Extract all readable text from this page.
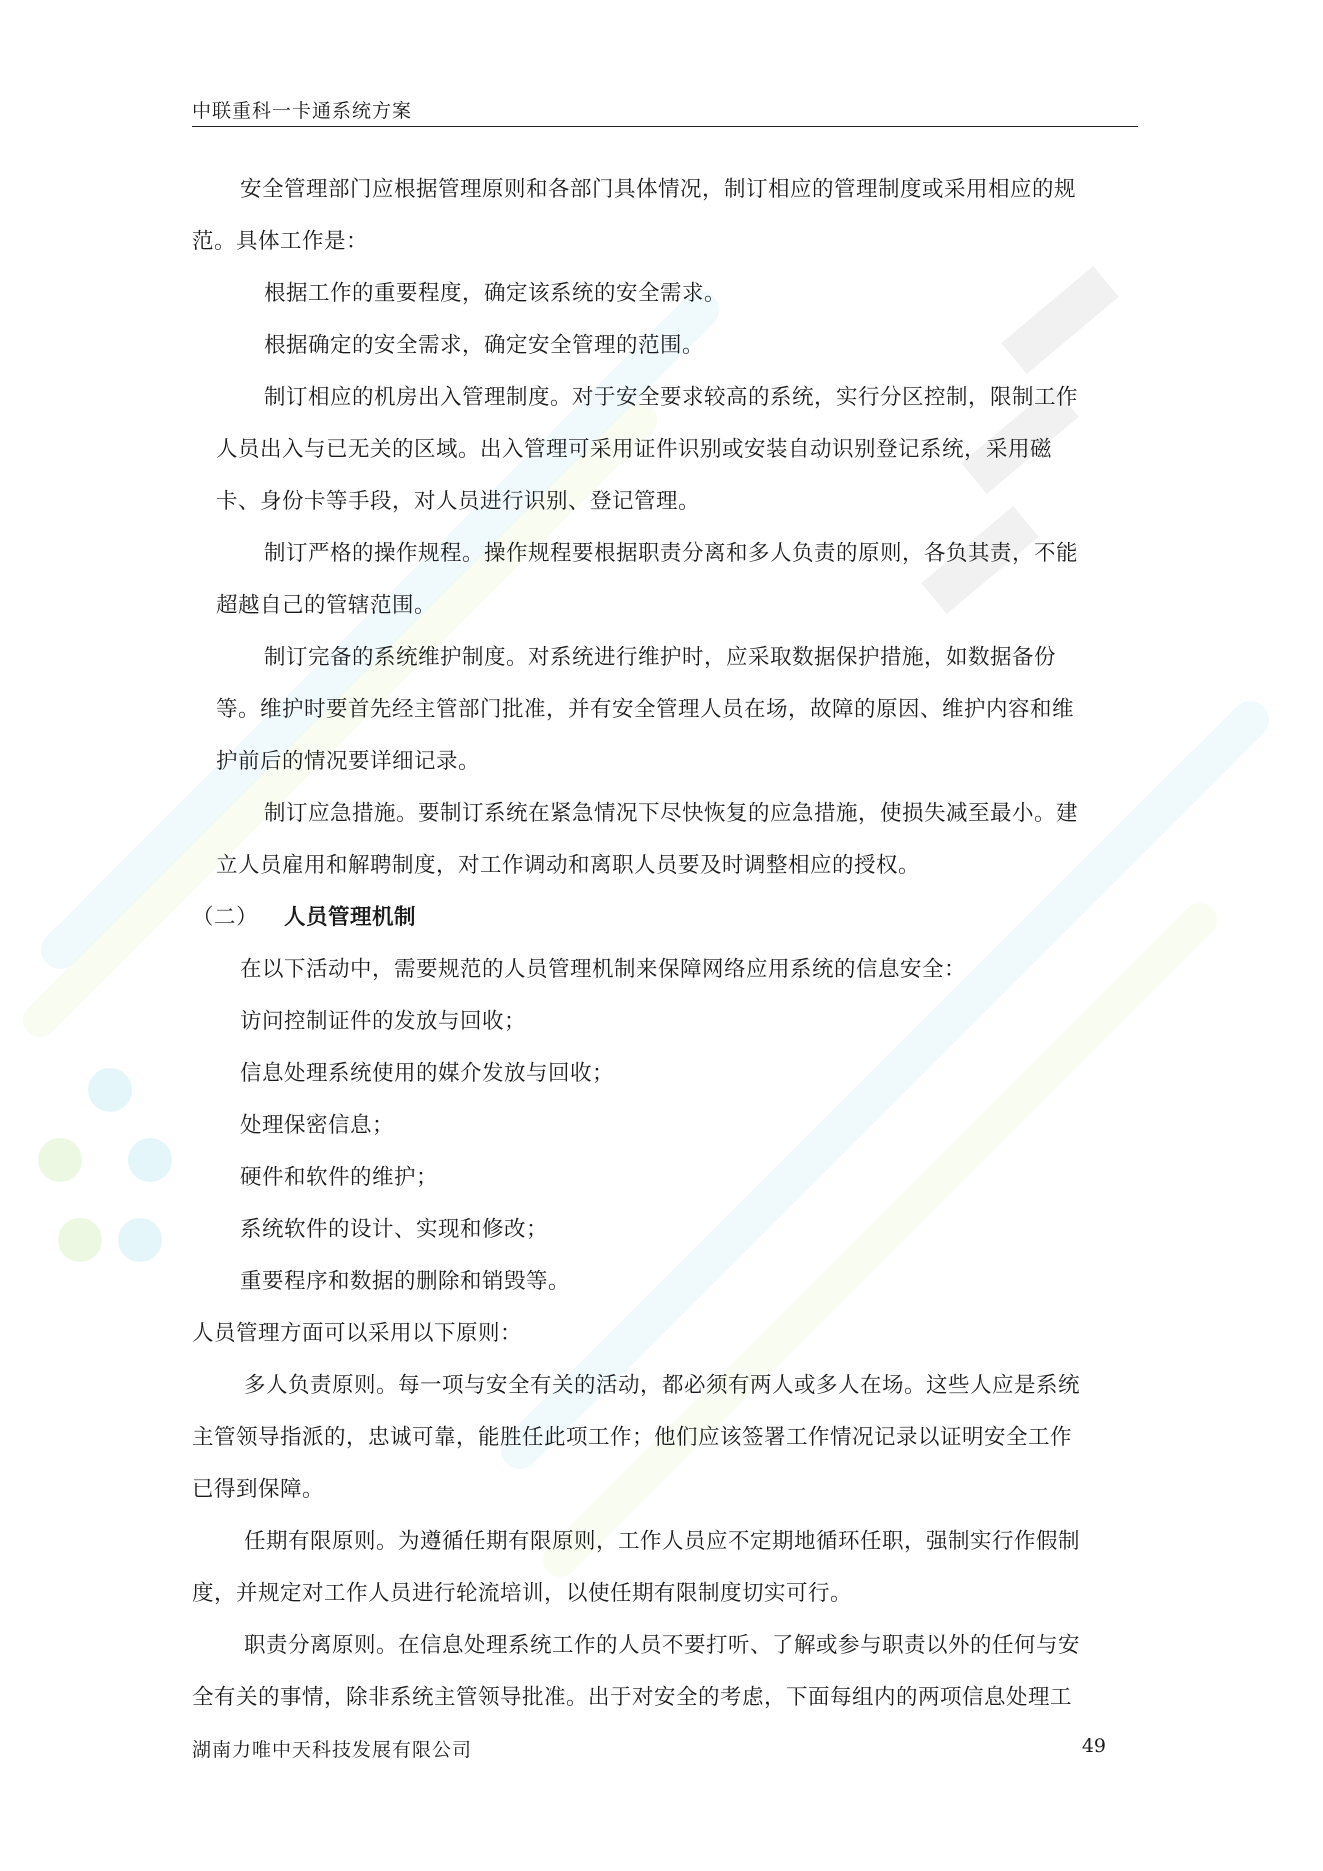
中联重科一卡通系统方案
安全管理部门应根据管理原则和各部门具体情况，制订相应的管理制度或采用相应的规
范。具体工作是：
根据工作的重要程度，确定该系统的安全需求。
根据确定的安全需求，确定安全管理的范围。
制订相应的机房出入管理制度。对于安全要求较高的系统，实行分区控制，限制工作
人员出入与已无关的区域。出入管理可采用证件识别或安装自动识别登记系统，采用磁
卡、身份卡等手段，对人员进行识别、登记管理。
制订严格的操作规程。操作规程要根据职责分离和多人负责的原则，各负其责，不能
超越自己的管辖范围。
制订完备的系统维护制度。对系统进行维护时，应采取数据保护措施，如数据备份
等。维护时要首先经主管部门批准，并有安全管理人员在场，故障的原因、维护内容和维
护前后的情况要详细记录。
制订应急措施。要制订系统在紧急情况下尽快恢复的应急措施，使损失减至最小。建
立人员雇用和解聘制度，对工作调动和离职人员要及时调整相应的授权。
（二） 人员管理机制
在以下活动中，需要规范的人员管理机制来保障网络应用系统的信息安全：
访问控制证件的发放与回收；
信息处理系统使用的媒介发放与回收；
处理保密信息；
硬件和软件的维护；
系统软件的设计、实现和修改；
重要程序和数据的删除和销毁等。
人员管理方面可以采用以下原则：
多人负责原则。每一项与安全有关的活动，都必须有两人或多人在场。这些人应是系统
主管领导指派的，忠诚可靠，能胜任此项工作；他们应该签署工作情况记录以证明安全工作
已得到保障。
任期有限原则。为遵循任期有限原则，工作人员应不定期地循环任职，强制实行作假制
度，并规定对工作人员进行轮流培训，以使任期有限制度切实可行。
职责分离原则。在信息处理系统工作的人员不要打听、了解或参与职责以外的任何与安
全有关的事情，除非系统主管领导批准。出于对安全的考虑，下面每组内的两项信息处理工
湖南力唯中天科技发展有限公司	49
